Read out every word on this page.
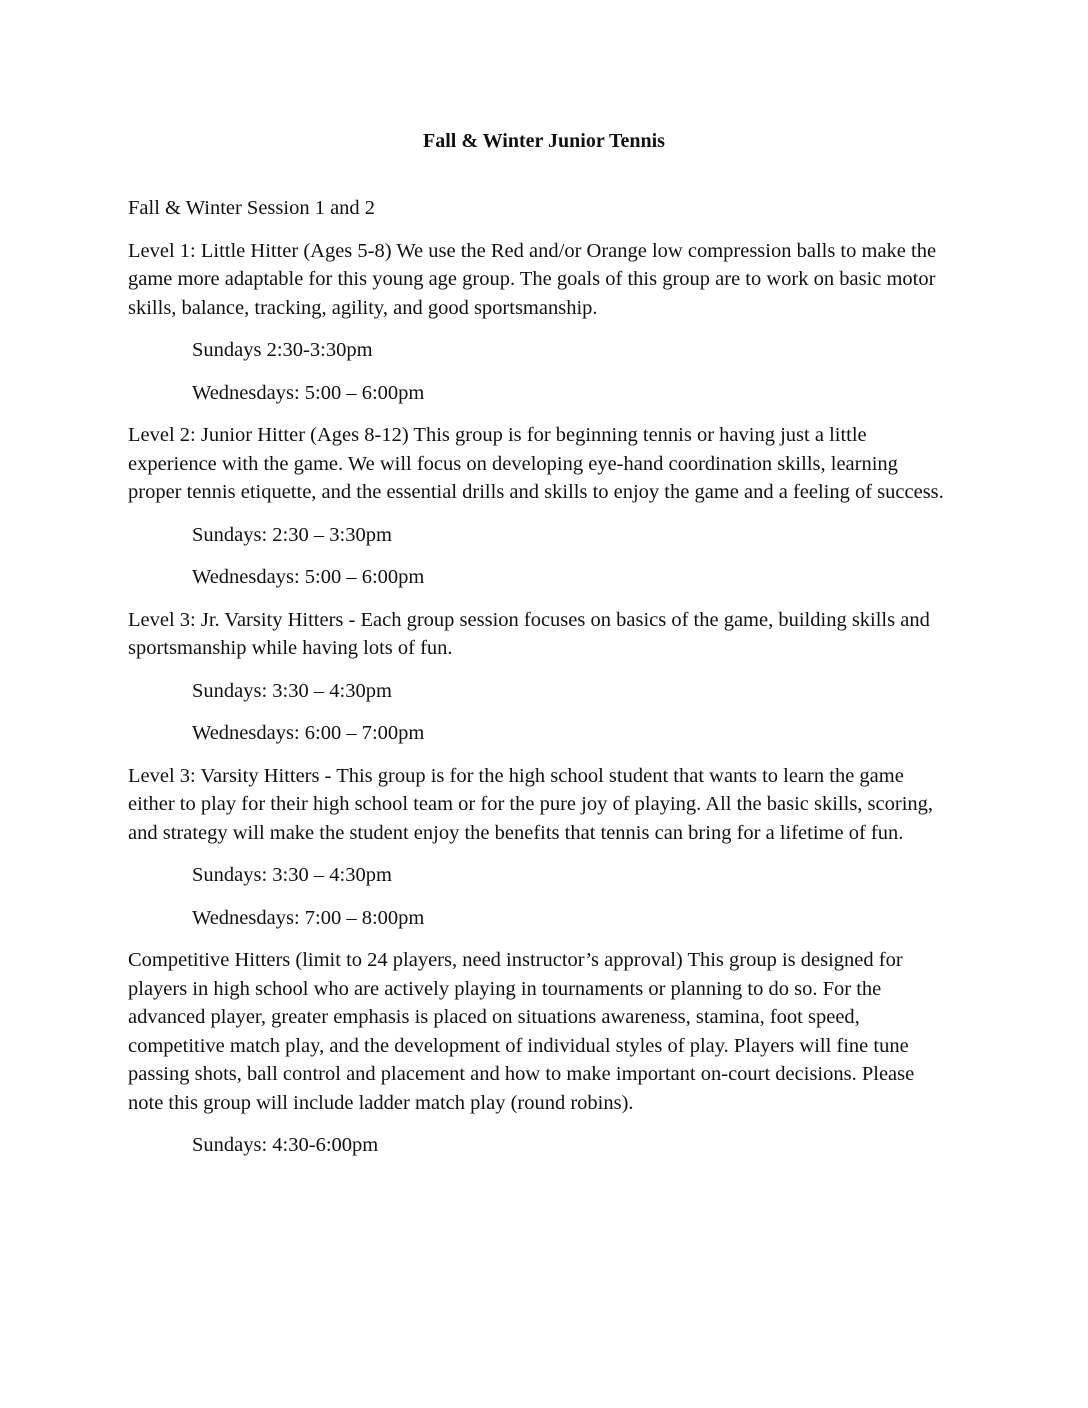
Fall & Winter Junior Tennis

Fall & Winter Session 1 and 2

Level 1: Little Hitter (Ages 5-8) We use the Red and/or Orange low compression balls to make the game more adaptable for this young age group. The goals of this group are to work on basic motor skills, balance, tracking, agility, and good sportsmanship.

Sundays 2:30-3:30pm

Wednesdays: 5:00 – 6:00pm

Level 2: Junior Hitter (Ages 8-12) This group is for beginning tennis or having just a little experience with the game. We will focus on developing eye-hand coordination skills, learning proper tennis etiquette, and the essential drills and skills to enjoy the game and a feeling of success.

Sundays: 2:30 – 3:30pm

Wednesdays: 5:00 – 6:00pm

Level 3: Jr. Varsity Hitters - Each group session focuses on basics of the game, building skills and sportsmanship while having lots of fun.

Sundays: 3:30 – 4:30pm

Wednesdays: 6:00 – 7:00pm

Level 3: Varsity Hitters - This group is for the high school student that wants to learn the game either to play for their high school team or for the pure joy of playing. All the basic skills, scoring, and strategy will make the student enjoy the benefits that tennis can bring for a lifetime of fun.

Sundays: 3:30 – 4:30pm

Wednesdays: 7:00 – 8:00pm

Competitive Hitters (limit to 24 players, need instructor’s approval) This group is designed for players in high school who are actively playing in tournaments or planning to do so. For the advanced player, greater emphasis is placed on situations awareness, stamina, foot speed, competitive match play, and the development of individual styles of play. Players will fine tune passing shots, ball control and placement and how to make important on-court decisions. Please note this group will include ladder match play (round robins).

Sundays: 4:30-6:00pm
